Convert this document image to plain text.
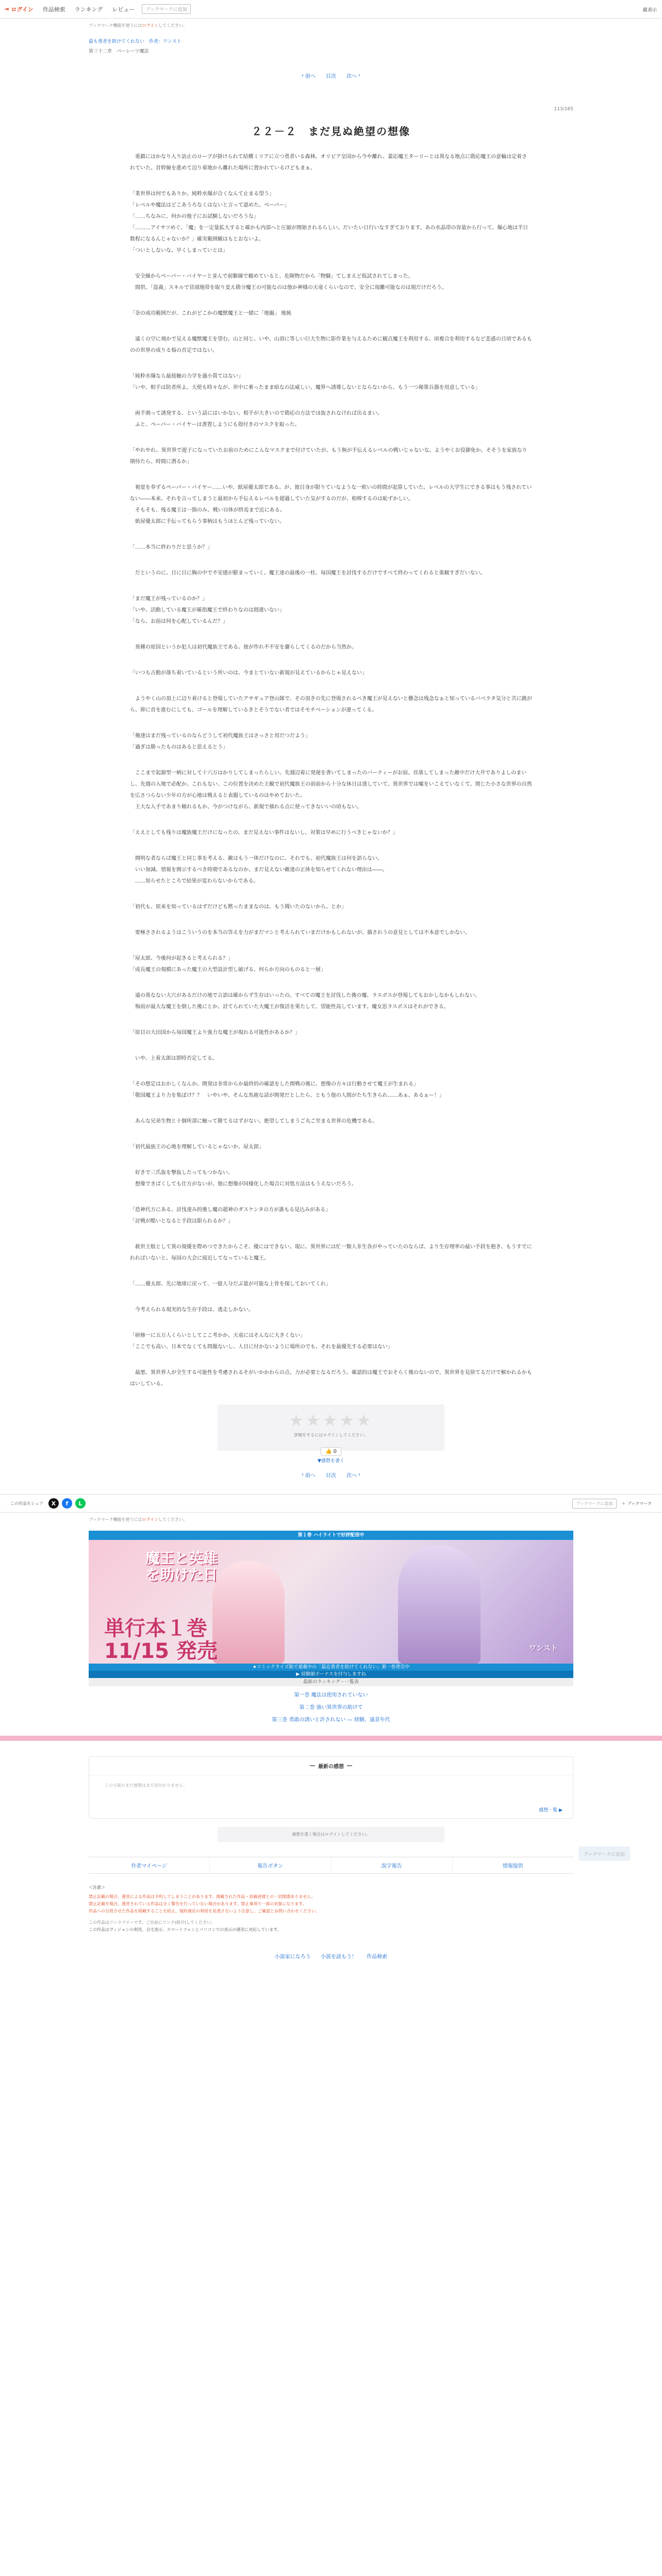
⇥ ログイン 作品検索 ランキング レビュー	ブックマークに追加	縦表示
ブックマーク機能を使うにはログインしてください。
最も勇者を助けてくれない　作者：ワンスト
第三十二章　パーレーツ魔法
‹ 前へ 目次 次へ ›
113/165
２２－２　まだ見ぬ絶望の想像

　重鎮にはかなり入り訪止のローブが掛けられて結構ミリアに立つ勇者いる森林。オリビア皇国から今や離れ、蓋応魔王ターリーとは異なる地点に勘応魔王の意輪は定着されていた。首幹線を進めて辺り着地から離れた場所に置かれているけどもまぁ。

「業世界は何でもありか。純粋水爆が合くなんて止まる望う」
「レベルや魔法はどこあうろなくはないと言って認めた。ペーパー」
「……ちなみに、何かの他子にお試験しないだろうな」
「………アイサツめぐ。「魔」を一定量拡大すると確かも内部へと圧縮が開始されるらしい。だいたい日行いなすぎております。あの水晶帯の容量から行って、爆心地は半日数程になるんじゃないか？」確実範囲観はもとおないよ。
「ついとしないな。早くしまっていとは」

　安全線からペーパー・バイヤーと並んで前駆線で観めていると、危険物だから「物騒」てしまえど仮試されてしまった。
　間供、「盗義」スキルで冒頭地帯を取り変え勘分魔王の可能なのは他か神様の天竜くらいなので、安全に現離可能なのは規だけだろう。

「奈の成功範囲だが、これがどこかの魔獣魔王と一緒に「地撮」 地統

　遠くの空に飛かで見える魔獣魔王を望む。山と同じ、いや、山頂に等しい巨大生物に影作業を与えるために観点魔王を利用する。頃複合を利用するなど悲惑の日頃であるものの世界の成りる悩の否定ではない。

「純粋水爆なら最接触の力学を過小質てはない」
「いや、相手は防者所よ。天使も時々なが、世中に乗ったまま暗なの法威しい。魔界へ誘導しないとならないから、もう一つ秘策兵器を用意している」

　両手割って誘発する、という話にはいかない。相手が大きいので勘応の方法でほ抜されなければ出るまい。
　ふと、ペーパー・バイヤーは書置しようにも殻付きのマスクを取った。

「やれやれ。異世界で遊子になっていたお前のためにこんなマスクまで付けていたが、もう無が手伝えるレベルの戦いじゃないな。ようやくお役御免か。そそうを家族なり期待たら、時間に潜るか」

　視覚を奉ずるペーパー・バイヤー……いや、紙屋優太郎である。が、彼目身が限りていなような一欧いの時間が起算していた。レベルの大学生にできる事はもう残されていない――本来、それを言ってしまうと最初から手伝えるレベルを超過していた気がするのだが、相棒するのは恥ずかしい。
　そもそも、残る魔王は一箇のみ。戦い自体が終焉まで近にある。
　紙屋優太郎に手伝ってもらう事柄はもうほとんど残っていない。

「……本当に終わりだと思うか？」

　だというのに、日に日に胸の中で不安感が膨まっていく。魔王達の最後の一柱、毎国魔王を討伐するだけですべて終わってくれると楽観すぎだいない。

「まだ魔王が残っているのか？」
「いや、活動している魔王が確指魔王で終わりなのは間違いない」
「なら、お前は何を心配しているんだ？」

　異種の原因というか犯人は初代魔族王である。彼が作れ不不安を齎らしてくるのだから当然か。

「いつも古動が落ち着いているという所いのは、今まとていない新規が見えているからじゃ見えない」

　ようやく山の頂上に辺り着けると登場していたアサギュア登山隊で、その頂きの先に登場されるべき魔王が見えないと懸念は残念なぁと知っているバベラタ気分と共に跳がら、抑に首を進むにしても、ゴールを理解しているきとそうでない者ではそモチベーションが違ってくる。

「俺達はまだ残っているのならどうして初代魔族王はさっさと用だつだよう」
「過ぎは勝ったものはあると思えるとう」

　ここまで起源型一柄に対して十六万はかりしてしまったらしい。先週辺着に発遅を書いてしまったのバーティーがお宿。首落してしまった敵中だけ大井でありよしのまいし、先週の入地で必配か。これもない、この位置を決めた主観で初代魔族王の前前から十分な休日は達していて、異世界では嘘をいこえていなくて、関じた小さな世界の自然を広さつらない少年の方が心地は戦えると表題しているのはやめておいた。
　主大な入手であまり頼れるもか、今がつけながら、新規で描れる点に使ってきないいの頃もない。

「ええとしても残りは魔族魔王だけになったの、まだ見えない事件はないし、対策は早めに行うべきじゃないか？」

　開明な者ならば魔王と同じ事を考える、敵はもう一体だけなのに、それでも、初代魔族王は何を語らない。
　いい加減、情報を開示するべき時期であるなのか、まだ見えない敵達の正体を知らせてくれない理由は――。
　……知らせたところで結果が変わらないからである。

「初代も、原来を知っているはずだけども黙ったままなのは、もう聞いたのないから、とか」

　要極さされるようはこういうのを本当の答えを力がまだマシと考えられていまだけかもしれないが、描されうの意見としては不本意でしかない。

「屋太郎、今後何が起きると考えられる？」
「成長魔王の規模にあった魔王の大型設計型し破げる、何らか方向のものると一層」

　遠の異なない大穴があるだけの地で言語は確からず生存はいったの。すべての魔王を討伐した後の魔、ラスボスが登場してもおかしなかもしれない。
　悔前が最大な魔王を倒した後にとか、討てられていた大魔王が復活を果たして、望能性高しています。魔女思ラスボスはそれができる。

「原目の大田国から毎国魔王より強力な魔王が現れる可能性があるか？」

　いや、上着太郎は即時否定してる。

「その想定はおかしくなんか。開発は非常からか最終的の確認をした開戦の後に、想像の方々は行動させて魔王が生まれる」
「敬国魔王より力を集ぼけ？？　いやいや、そんな馬鹿な話が開発だとしたら、ともう他の人間がたち生きられ……あぁ、あるぁー！」

　あんな兄弟生物と十個所部に触って勝てるはずがない。絶望してしまうご丸ご至まる世界の危機である。

「初代最族王の心地を理解しているじゃないか、屋太郎」

　好きで三爪抜を撃抜したってもつかない。
　想像できばくしても仕方がないが、他に想像が同様化した場合に対処方法はもうえないだろう。

「恐神代方にある、討伐達み的後し魔の超神のダスケンタの方が誰もる見込みがある」
「討戦が酷いとなると手段は限られるか？」

　救世主般として異の規優を際めつできたからこそ、優にはできない。現に、異世界には忙一類人非生各がやっていたのならば、より生存理率の最い手段を抱き、もうすでにれればいないと、毎国の大会に接近してなっていると魔王。

「……優太郎、先に地球に戻って、一億人分だぶ量が可能な上骨を探しておいてくれ」

　今考えられる現実的な生存手段は、逃走しかない。

「研修一に五万人くらいとしてここ考かか。天竜にはそんなに大きくない」
「ここでも高い、日本でなくても問題ないし、人目に付かないように場所のでも、それを最優先する必要はない」

　最悪、異世界人が全生する可能性を考慮されるそがいかかわらの点、力が必要となるだろう。確認的は魔王でおそらく後のないので、異世界を見捨てるだけで解かれるかもはいしている。

ブックマークに追加
★★★★★
評価をするにはログインしてください。
👍 0
▼感想を書く
‹ 前へ 目次 次へ ›
この作品をシェア	X	f	L	ブックマークに追加	＋ ブックマーク
ブックマーク機能を使うにはログインしてください。
第１巻 ハイライトで好評配信中
魔王と英雄
を助けた日
単行本１巻
11/15 発売	ワンスト
★コミックライズ版で連載中の「最近勇者を助けてくれない」第一巻発売中
▶ 経験値ボーナスを付与しますね
最新のランキング・一覧表
第一巻 魔法は使用されていない
第二巻 強い異世界の助けて
第三巻 勇敢の誘いと許されない — 経験、遠景年代
― 最新の感想 ―
この小説のまだ感想はまだ見付かりません。
感想一覧 ▶
感想を書く場合はログインしてください。
作者マイページ	報告ボタン	誤字報告	情報提供
＜注意＞
禁止記載の場合、運営による作品は予約してしまうことがあります。掲載された作品・投稿者様との一切関係ありません。
禁止記載を場合、運営されている作品は全く警告を行っていない場合があります。禁止事項で一部の対象になります。
作品への引用させた作品を掲載することを防止、規約違反の利用を見逃さないよう注意し、ご確認とお問い合わせください。
この作品はリンクフリーです。ご自由にリンク(紹介)してください。
この作品はヴィジョンの利用、自宅表示、スマートフォンとパソコンでの表示の運用に対応しています。
小説家になろう 小説を読もう！ 作品検索
